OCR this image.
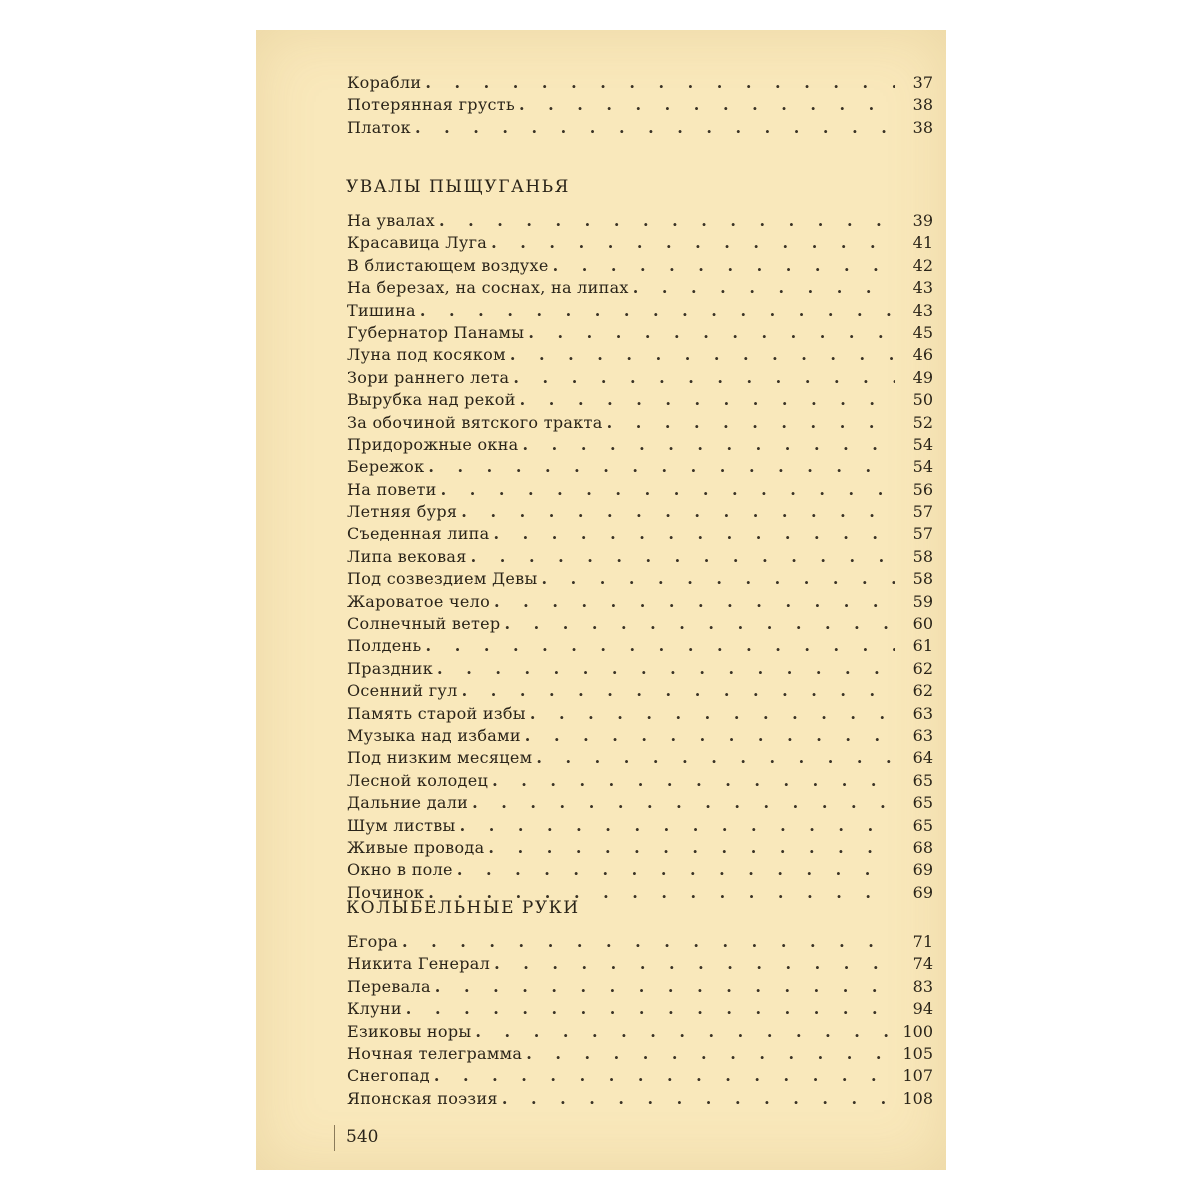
Корабли . . .	37
Потерянная грусть . . .	38
Платок . . .	38
УВАЛЫ ПЫЩУГАНЬЯ
На увалах . . .	39
Красавица Луга . . .	41
В блистающем воздухе . . .	42
На березах, на соснах, на липах . . .	43
Тишина . . .	43
Губернатор Панамы . . .	45
Луна под косяком . . .	46
Зори раннего лета . . .	49
Вырубка над рекой . . .	50
За обочиной вятского тракта . . .	52
Придорожные окна . . .	54
Бережок . . .	54
На повети . . .	56
Летняя буря . . .	57
Съеденная липа . . .	57
Липа вековая . . .	58
Под созвездием Девы . . .	58
Жароватое чело . . .	59
Солнечный ветер . . .	60
Полдень . . .	61
Праздник . . .	62
Осенний гул . . .	62
Память старой избы . . .	63
Музыка над избами . . .	63
Под низким месяцем . . .	64
Лесной колодец . . .	65
Дальние дали . . .	65
Шум листвы . . .	65
Живые провода . . .	68
Окно в поле . . .	69
Починок . . .	69
КОЛЫБЕЛЬНЫЕ РУКИ
Егора . . .	71
Никита Генерал . . .	74
Перевала . . .	83
Клуни . . .	94
Езиковы норы . . .	100
Ночная телеграмма . . .	105
Снегопад . . .	107
Японская поэзия . . .	108
540
